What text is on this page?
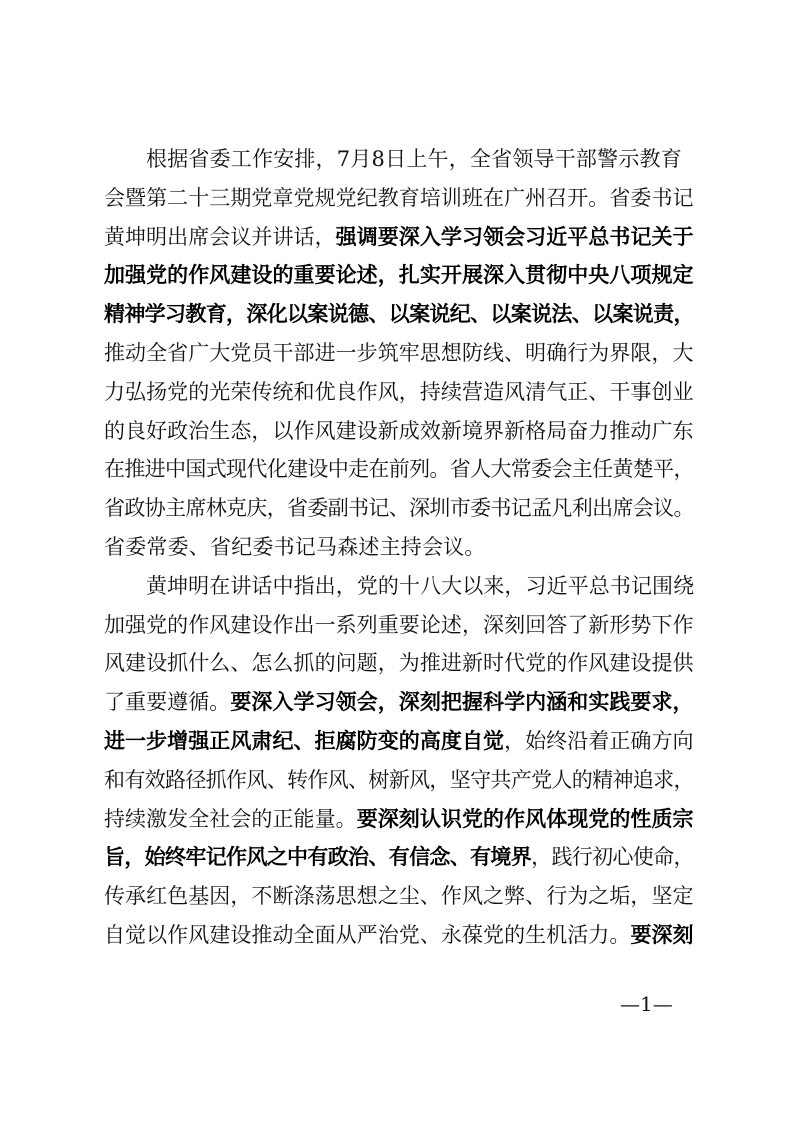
根据省委工作安排，7月8日上午，全省领导干部警示教育
会暨第二十三期党章党规党纪教育培训班在广州召开。省委书记
黄坤明出席会议并讲话，强调要深入学习领会习近平总书记关于
加强党的作风建设的重要论述，扎实开展深入贯彻中央八项规定
精神学习教育，深化以案说德、以案说纪、以案说法、以案说责，
推动全省广大党员干部进一步筑牢思想防线、明确行为界限，大
力弘扬党的光荣传统和优良作风，持续营造风清气正、干事创业
的良好政治生态，以作风建设新成效新境界新格局奋力推动广东
在推进中国式现代化建设中走在前列。省人大常委会主任黄楚平，
省政协主席林克庆，省委副书记、深圳市委书记孟凡利出席会议。
省委常委、省纪委书记马森述主持会议。
黄坤明在讲话中指出，党的十八大以来，习近平总书记围绕
加强党的作风建设作出一系列重要论述，深刻回答了新形势下作
风建设抓什么、怎么抓的问题，为推进新时代党的作风建设提供
了重要遵循。要深入学习领会，深刻把握科学内涵和实践要求，
进一步增强正风肃纪、拒腐防变的高度自觉，始终沿着正确方向
和有效路径抓作风、转作风、树新风，坚守共产党人的精神追求，
持续激发全社会的正能量。要深刻认识党的作风体现党的性质宗
旨，始终牢记作风之中有政治、有信念、有境界，践行初心使命，
传承红色基因，不断涤荡思想之尘、作风之弊、行为之垢，坚定
自觉以作风建设推动全面从严治党、永葆党的生机活力。要深刻
—1—
